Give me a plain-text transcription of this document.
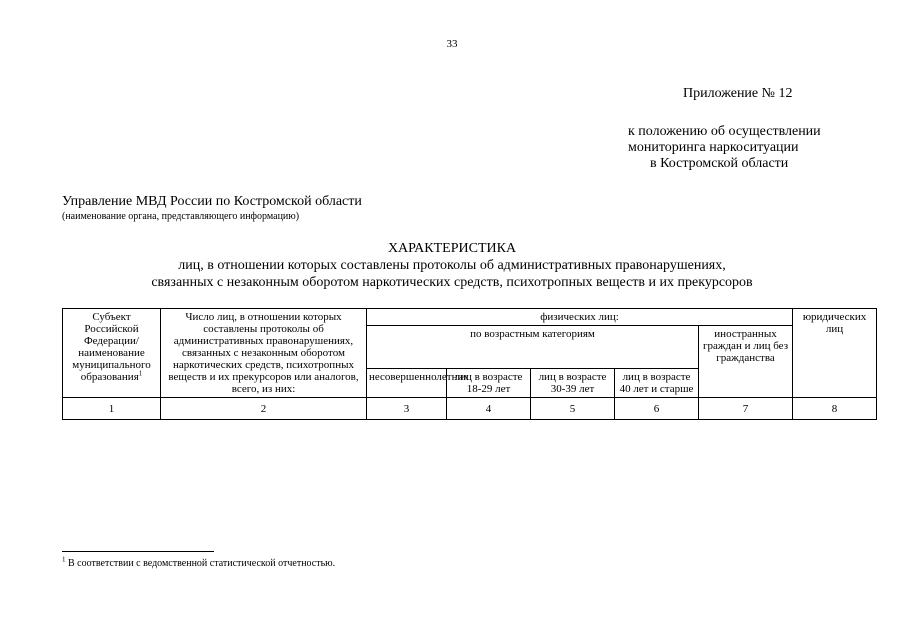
33
Приложение № 12
к положению об осуществлении
мониторинга наркоситуации
в Костромской области
Управление МВД России по Костромской области
(наименование органа, представляющего информацию)
ХАРАКТЕРИСТИКА
лиц, в отношении которых составлены протоколы об административных правонарушениях,
связанных с незаконным оборотом наркотических средств, психотропных веществ и их прекурсоров
Субъект Российской Федерации/ наименование муниципального образования$^1$	Число лиц, в отношении которых составлены протоколы об административных правонарушениях, связанных с незаконным оборотом наркотических средств, психотропных веществ и их прекурсоров или аналогов, всего, из них:	физических лиц:					юридических лиц
		по возрастным категориям				иностранных граждан и лиц без гражданства	
		несовершеннолетних	лиц в возрасте 18-29 лет	лиц в возрасте 30-39 лет	лиц в возрасте 40 лет и старше		
1	2	3	4	5	6	7	8
$^1$ В соответствии с ведомственной статистической отчетностью.
